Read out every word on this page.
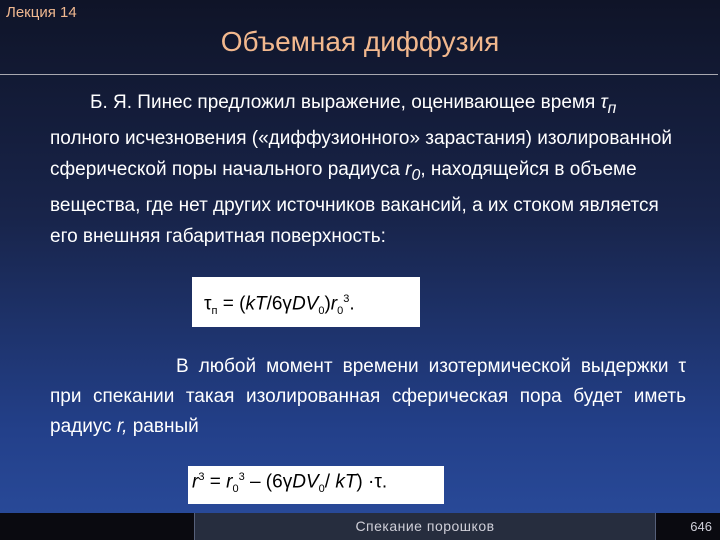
Лекция 14
Объемная диффузия
Б. Я. Пинес предложил выражение, оценивающее время $\tau_п$ полного исчезновения («диффузионного» зарастания) изолированной сферической поры начального радиуса $r_0$, находящейся в объеме вещества, где нет других источников вакансий, а их стоком является его внешняя габаритная поверхность:
$\tau_п = (kT/6\gamma DV_0)r_0^3$.
В любой момент времени изотермической выдержки τ при спекании такая изолированная сферическая пора будет иметь радиус r, равный
$r^3 = r_0^3 - (6\gamma DV_0/$ kT) ·τ.
Спекание порошков	646
